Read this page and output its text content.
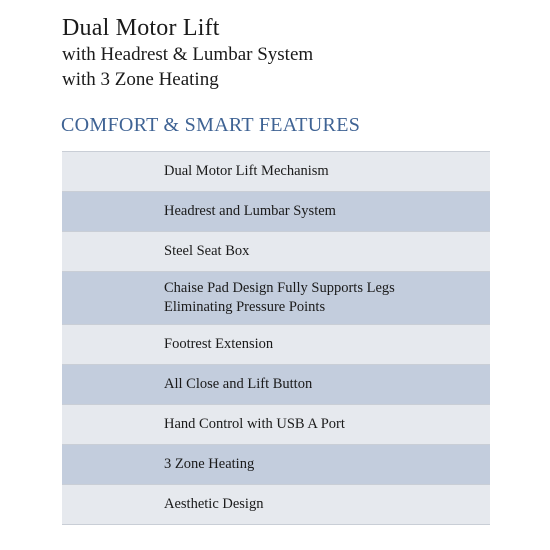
Dual Motor Lift

with Headrest & Lumbar System

with 3 Zone Heating

COMFORT & SMART FEATURES
Dual Motor Lift Mechanism
Headrest and Lumbar System
Steel Seat Box
Chaise Pad Design Fully Supports Legs
Eliminating Pressure Points
Footrest Extension
All Close and Lift Button
Hand Control with USB A Port
3 Zone Heating
Aesthetic Design
